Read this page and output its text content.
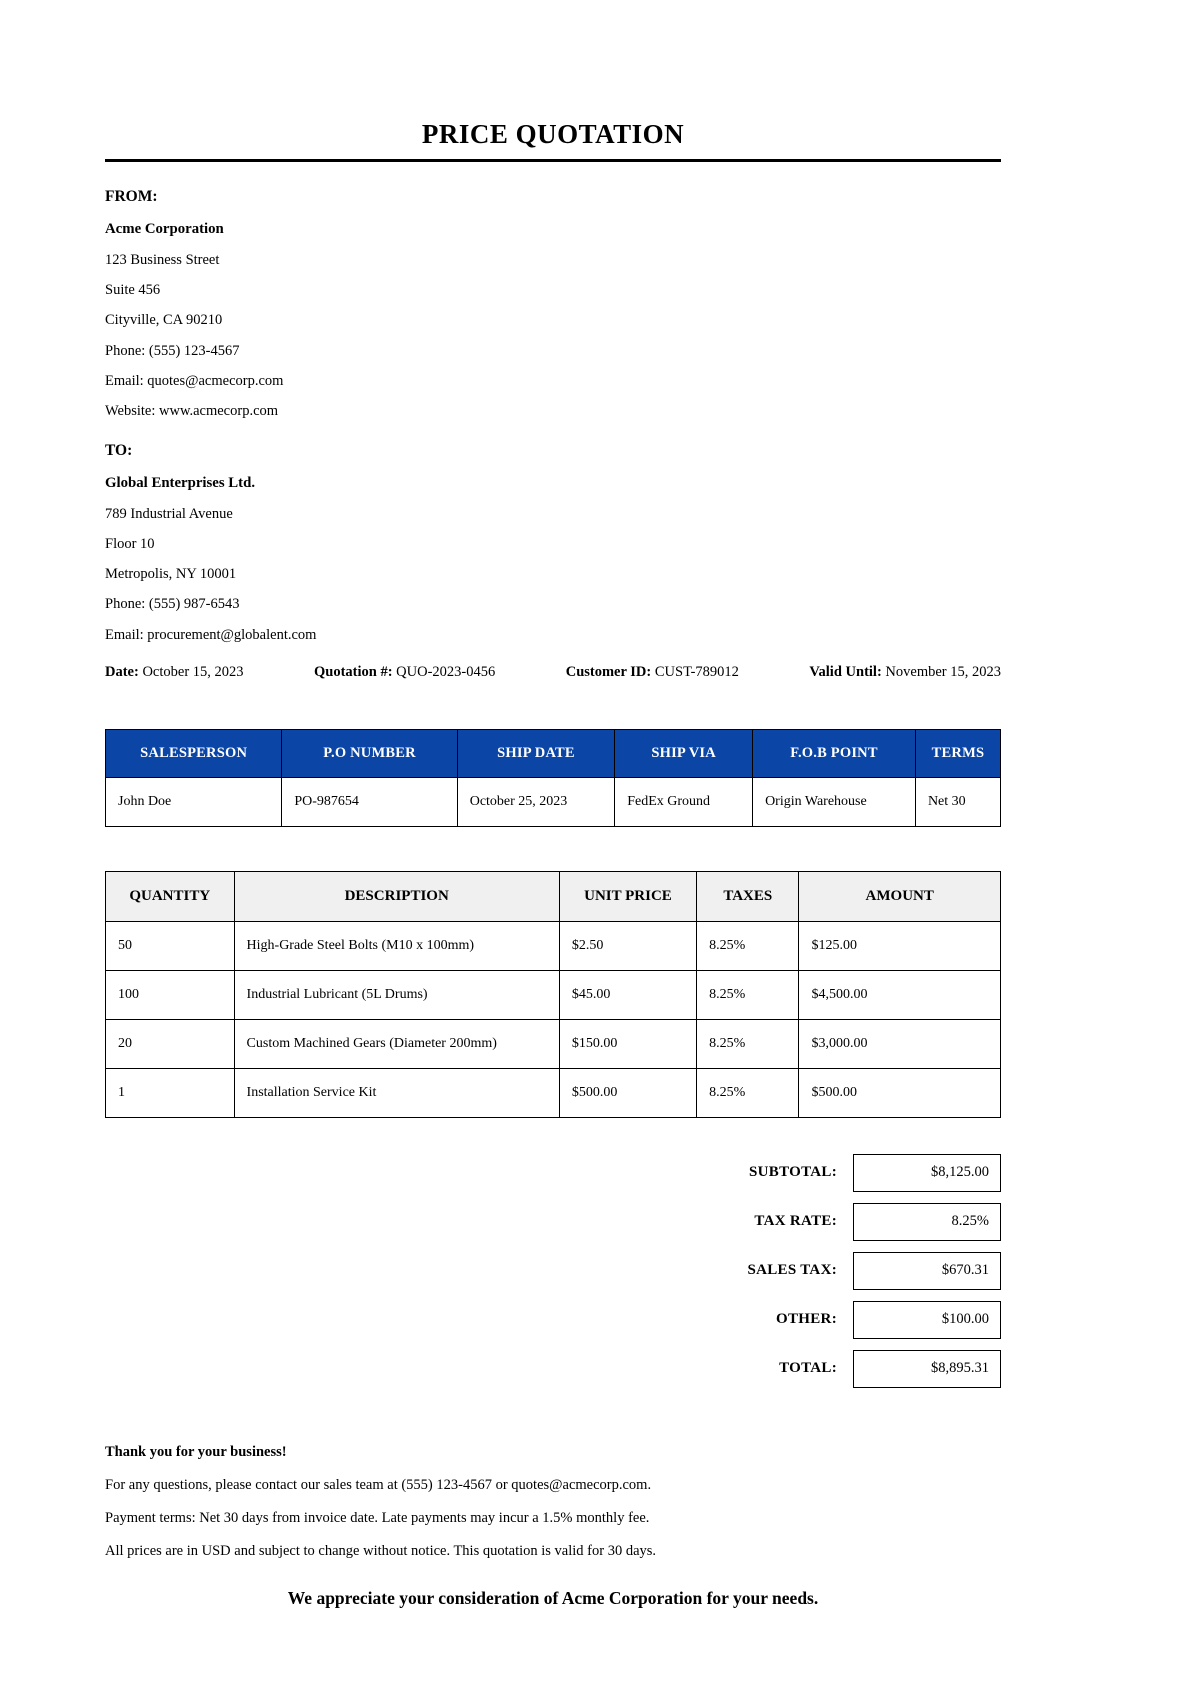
PRICE QUOTATION
FROM:
Acme Corporation
123 Business Street
Suite 456
Cityville, CA 90210
Phone: (555) 123-4567
Email: quotes@acmecorp.com
Website: www.acmecorp.com
TO:
Global Enterprises Ltd.
789 Industrial Avenue
Floor 10
Metropolis, NY 10001
Phone: (555) 987-6543
Email: procurement@globalent.com
Date: October 15, 2023	Quotation #: QUO-2023-0456	Customer ID: CUST-789012	Valid Until: November 15, 2023
SALESPERSON	P.O NUMBER	SHIP DATE	SHIP VIA	F.O.B POINT	TERMS
John Doe	PO-987654	October 25, 2023	FedEx Ground	Origin Warehouse	Net 30
QUANTITY	DESCRIPTION	UNIT PRICE	TAXES	AMOUNT
50	High-Grade Steel Bolts (M10 x 100mm)	$2.50	8.25%	$125.00
100	Industrial Lubricant (5L Drums)	$45.00	8.25%	$4,500.00
20	Custom Machined Gears (Diameter 200mm)	$150.00	8.25%	$3,000.00
1	Installation Service Kit	$500.00	8.25%	$500.00
SUBTOTAL:	$8,125.00
TAX RATE:	8.25%
SALES TAX:	$670.31
OTHER:	$100.00
TOTAL:	$8,895.31
Thank you for your business!
For any questions, please contact our sales team at (555) 123-4567 or quotes@acmecorp.com.
Payment terms: Net 30 days from invoice date. Late payments may incur a 1.5% monthly fee.
All prices are in USD and subject to change without notice. This quotation is valid for 30 days.
We appreciate your consideration of Acme Corporation for your needs.
